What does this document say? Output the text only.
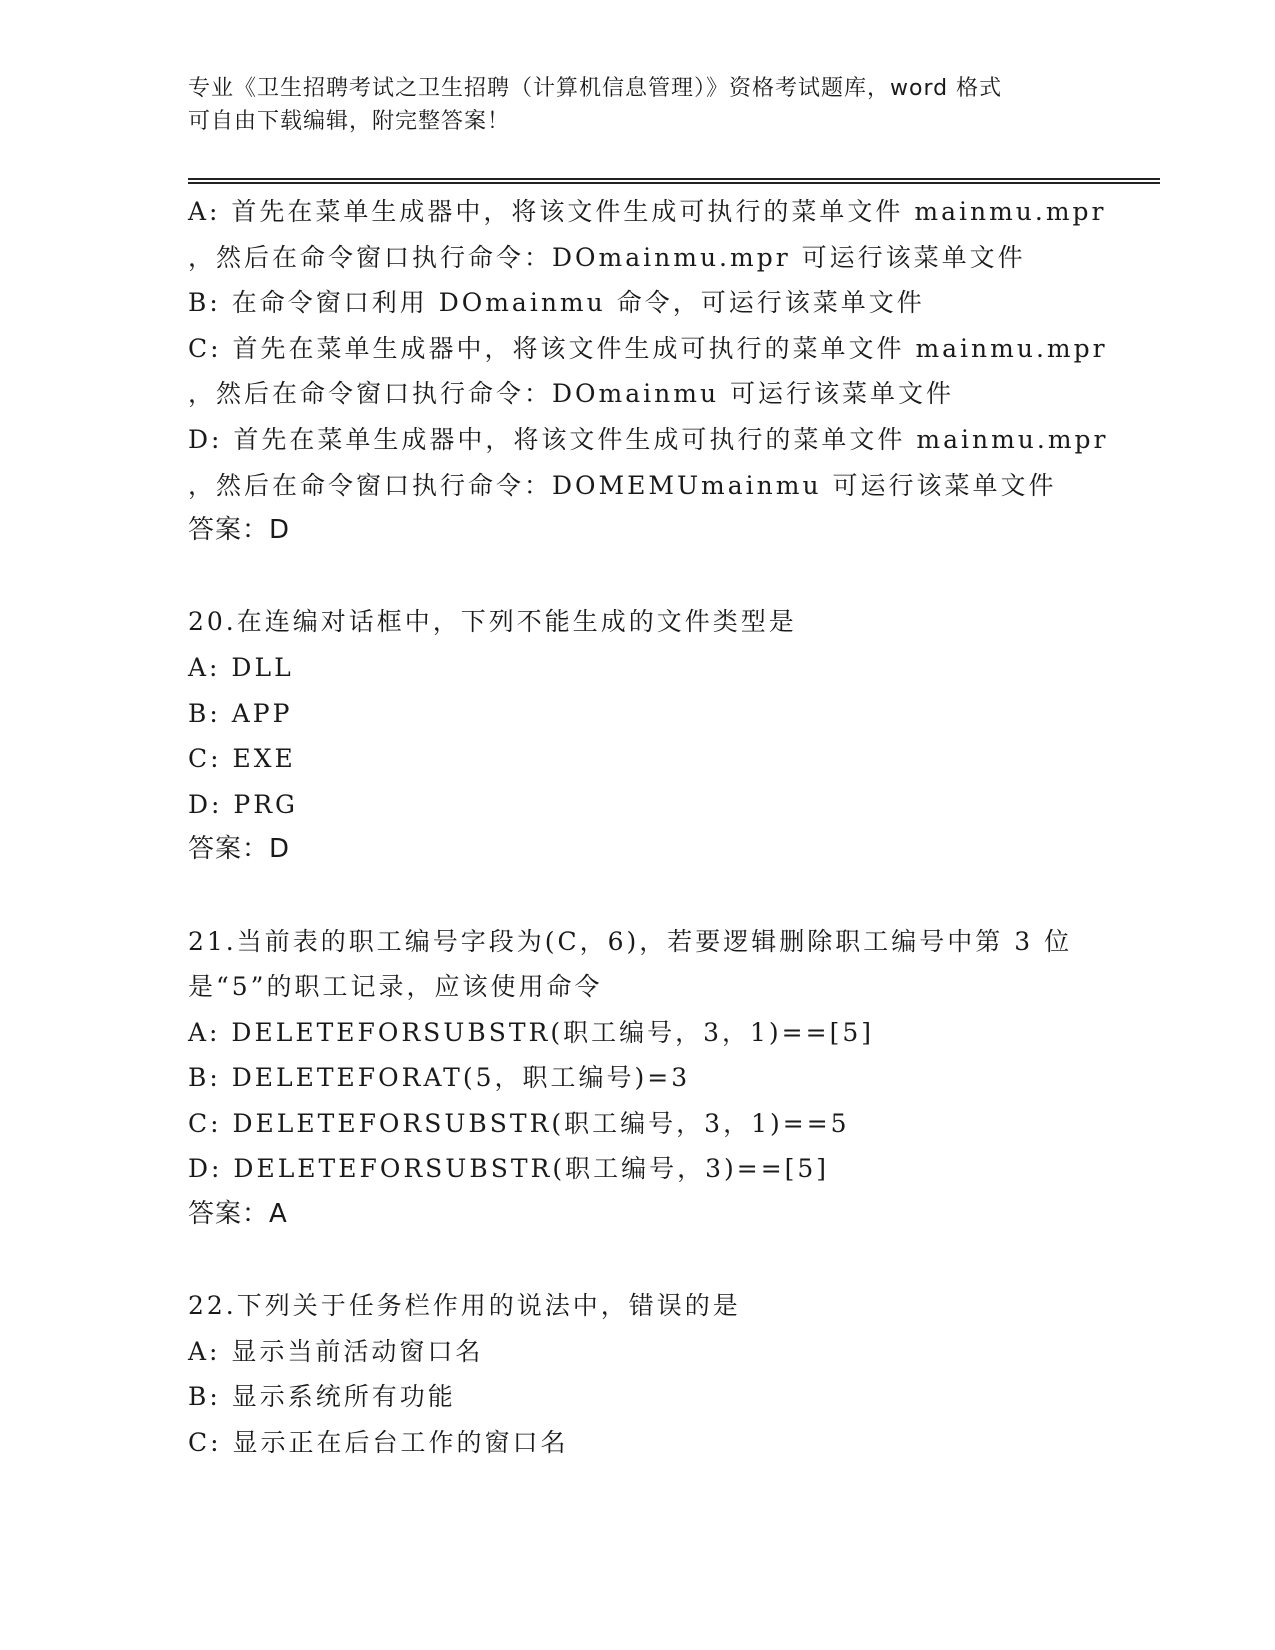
专业《卫生招聘考试之卫生招聘（计算机信息管理）》资格考试题库，word 格式
可自由下载编辑，附完整答案！
A: 首先在菜单生成器中，将该文件生成可执行的菜单文件 mainmu.mpr
，然后在命令窗口执行命令：DOmainmu.mpr 可运行该菜单文件
B: 在命令窗口利用 DOmainmu 命令，可运行该菜单文件
C: 首先在菜单生成器中，将该文件生成可执行的菜单文件 mainmu.mpr
，然后在命令窗口执行命令：DOmainmu 可运行该菜单文件
D: 首先在菜单生成器中，将该文件生成可执行的菜单文件 mainmu.mpr
，然后在命令窗口执行命令：DOMEMUmainmu 可运行该菜单文件
答案：D
20.在连编对话框中，下列不能生成的文件类型是
A: DLL
B: APP
C: EXE
D: PRG
答案：D
21.当前表的职工编号字段为(C，6)，若要逻辑删除职工编号中第 3 位
是“5”的职工记录，应该使用命令
A: DELETEFORSUBSTR(职工编号，3，1)==[5]
B: DELETEFORAT(5，职工编号)=3
C: DELETEFORSUBSTR(职工编号，3，1)==5
D: DELETEFORSUBSTR(职工编号，3)==[5]
答案：A
22.下列关于任务栏作用的说法中，错误的是
A: 显示当前活动窗口名
B: 显示系统所有功能
C: 显示正在后台工作的窗口名
